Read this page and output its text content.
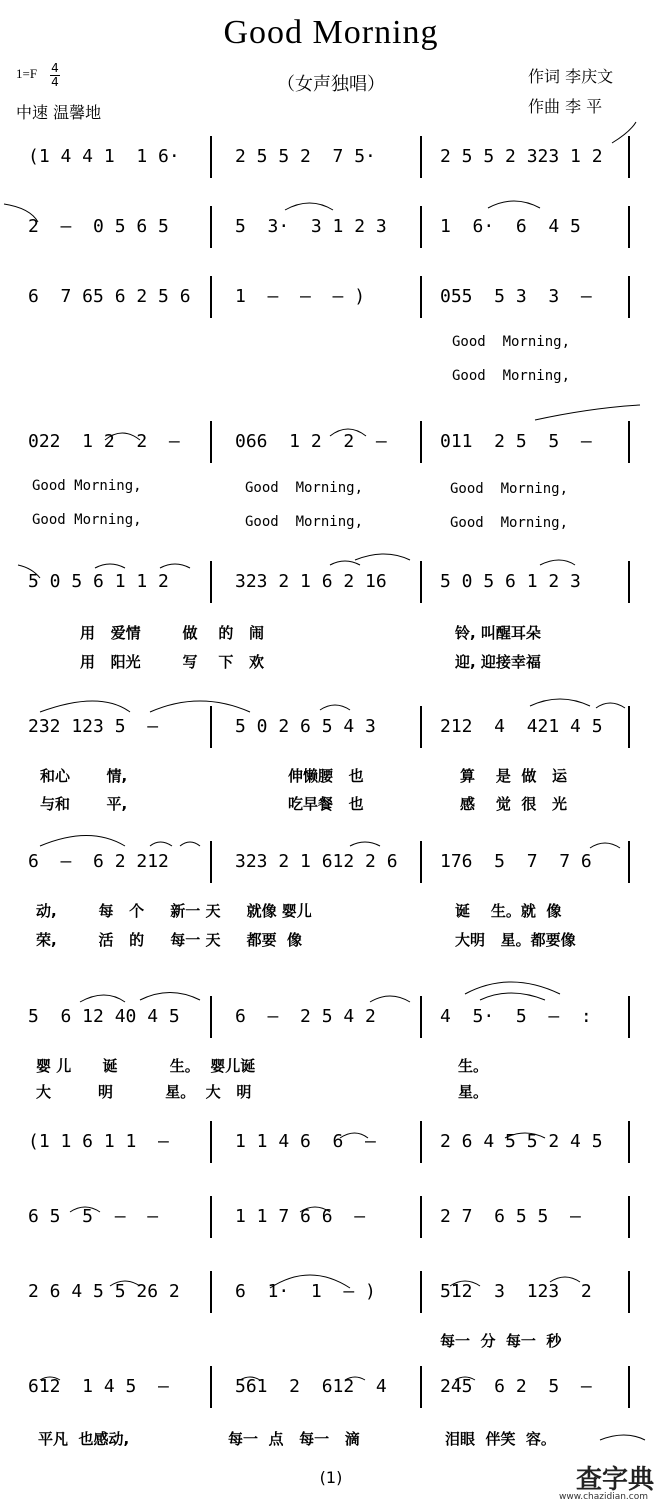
Good Morning
（女声独唱）
$1=F \frac{4}{4}$
中速 温馨地
作词 李庆文
作曲 李 平
(1 4 4 1  1 6·	2 5 5 2  7 5·	2 5 5 2 323 1 2
2  –  0 5 6 5	5  3·  3 1 2 3	1  6·  6  4 5
6  7 65 6 2 5 6 1  –  –  – )	055  5 3  3  –
022  1 2  2  –	066  1 2  2  –	011  2 5  5  –
5 0 5 6 1 1 2	323 2 1 6 2 16	5 0 5 6 1 2 3
232 123 5  –	5 0 2 6 5 4 3	212  4  421 4 5
6  –  6 2 212	323 2 1 612 2 6 176  5  7  7 6
5  6 12 40 4 5	6  –  2 5 4 2	4  5·  5  –  :
(1 1 6 1 1  –	1 1 4 6  6  –	2 6 4 5 5 2 4 5
6 5  5  –  –	1 1 7 6 6  –	2 7  6 5 5  –
2 6 4 5 5 26 2	6  1·  1  – )	512  3  123  2
612  1 4 5  –	561  2  612  4	245  6 2  5  –
Good  Morning,
Good  Morning,
Good Morning,
Good Morning,
Good  Morning,
Good  Morning,
Good  Morning,
Good  Morning,
用   爱情        做    的   闹
用   阳光        写    下   欢
铃, 叫醒耳朵
迎, 迎接幸福
和心       情,
与和       平,
伸懒腰   也
吃早餐   也
算    是  做   运
感    觉  很   光
动,        每   个     新一 天     就像 婴儿
荣,        活   的     每一 天     都要  像
诞    生。就  像
大明   星。都要像
婴 儿      诞          生。  婴儿诞
大         明          星。  大   明
生。
星。
每一  分  每一  秒
平凡  也感动,	每一  点   每一   滴	泪眼  伴笑  容。
(1)	查字典
www.chazidian.com
